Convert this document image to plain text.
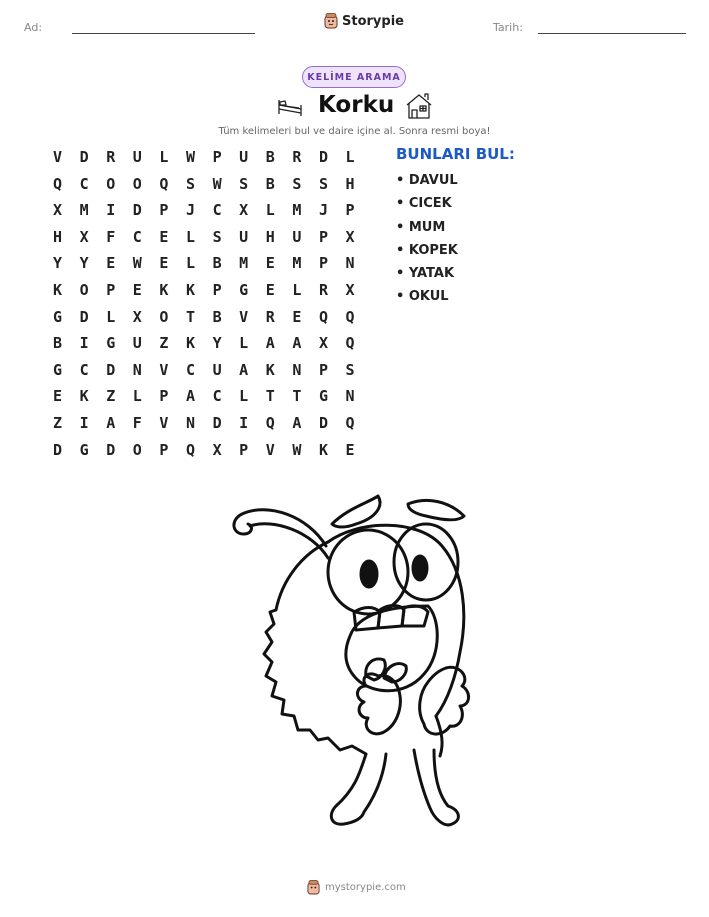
Ad:	Storypie	Tarih:
KELİME ARAMA
Korku
Tüm kelimeleri bul ve daire içine al. Sonra resmi boya!
V	D	R	U	L	W	P	U	B	R	D	L
Q	C	O	O	Q	S	W	S	B	S	S	H
X	M	I	D	P	J	C	X	L	M	J	P
H	X	F	C	E	L	S	U	H	U	P	X
Y	Y	E	W	E	L	B	M	E	M	P	N
K	O	P	E	K	K	P	G	E	L	R	X
G	D	L	X	O	T	B	V	R	E	Q	Q
B	I	G	U	Z	K	Y	L	A	A	X	Q
G	C	D	N	V	C	U	A	K	N	P	S
E	K	Z	L	P	A	C	L	T	T	G	N
Z	I	A	F	V	N	D	I	Q	A	D	Q
D	G	D	O	P	Q	X	P	V	W	K	E
BUNLARI BUL:
• DAVUL
• CICEK
• MUM
• KOPEK
• YATAK
• OKUL
mystorypie.com
